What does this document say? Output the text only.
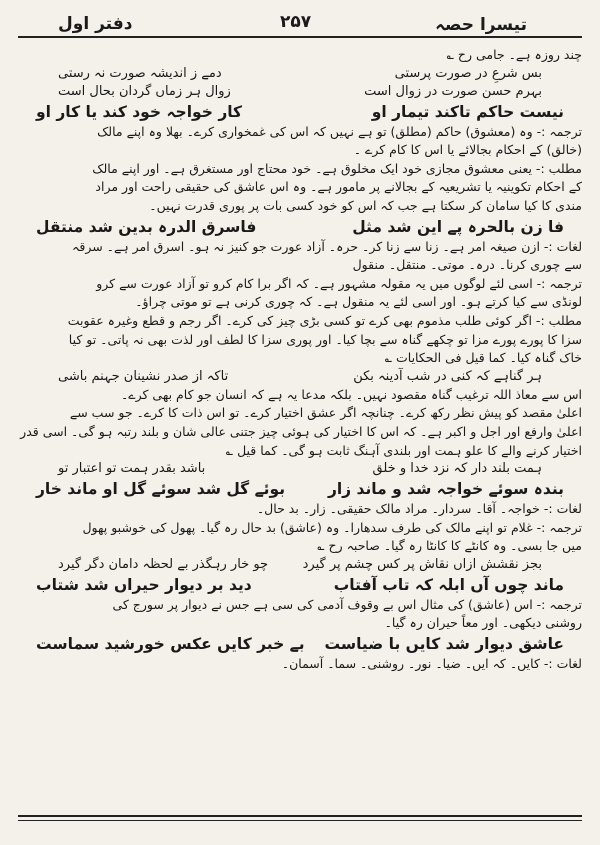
دفتر اول	۲۵۷	تیسرا حصہ
چند روزہ ہے۔ جامی رح ؎
بس شرعِ در صورت پرستی
دمے ز اندیشہ صورت نہ رستی
بہرم حسن صورت در زوال است
زوال ہر زماں گردان بحال است
نیست حاکم تاکند تیمار او
کار خواجہ خود کند یا کار او
ترجمہ :- وہ (معشوق) حاکم (مطلق) تو ہے نہیں کہ اس کی غمخواری کرے۔ بھلا وہ اپنے مالک
(خالق) کے احکام بجالائے یا اس کا کام کرے ۔
مطلب :- یعنی معشوق مجازی خود ایک مخلوق ہے۔ خود محتاج اور مستغرق ہے۔ اور اپنے مالک
کے احکام تکوینیہ یا تشریعیہ کے بجالانے پر مامور ہے۔ وہ اس عاشق کی حقیقی راحت اور مراد
مندی کا کیا سامان کر سکتا ہے جب کہ اس کو خود کسی بات پر پوری قدرت نہیں۔
فا زن بالحرہ پے این شد مثل
فاسرق الدرہ بدین شد منتقل
لغات :- ازن صیغہ امر ہے۔ زنا سے زنا کر۔ حرہ۔ آزاد عورت جو کنیز نہ ہو۔ اسرق امر ہے۔ سرقہ
سے چوری کرنا۔ درہ۔ موتی۔ منتقل۔ منقول
ترجمہ :- اسی لئے لوگوں میں یہ مقولہ مشہور ہے۔ کہ اگر برا کام کرو تو آزاد عورت سے کرو
لونڈی سے کیا کرتے ہو۔ اور اسی لئے یہ منقول ہے۔ کہ چوری کرنی ہے تو موتی چراؤ۔
مطلب :- اگر کوئی طلب مذموم بھی کرے تو کسی بڑی چیز کی کرے۔ اگر رجم و قطع وغیرہ عقوبت
سزا کا پورے پورے مزا تو چکھے گناہ سے بچا کیا۔ اور پوری سزا کا لطف اور لذت بھی نہ پاتی۔ تو کیا
خاک گناہ کیا۔ کما قیل فی الحکایات ؎
ہر گناہے کہ کنی در شب آدینہ بکن
تاکہ از صدر نشینان جہنم باشی
اس سے معاذ اللہ ترغیب گناہ مقصود نہیں۔ بلکہ مدعا یہ ہے کہ انسان جو کام بھی کرے۔
اعلیٰ مقصد کو پیش نظر رکھ کرے۔ چنانچہ اگر عشق اختیار کرے۔ تو اس ذات کا کرے۔ جو سب سے
اعلیٰ وارفع اور اجل و اکبر ہے۔ کہ اس کا اختیار کی ہوئی چیز جتنی عالی شان و بلند رتبہ ہو گی۔ اسی قدر
اختیار کرنے والے کا علو ہمت اور بلندی آہنگ ثابت ہو گی۔ کما قیل ؎
ہمت بلند دار کہ نزد خدا و خلق
باشد بقدر ہمت تو اعتبار تو
بندہ سوئے خواجہ شد و ماند زار
بوئے گل شد سوئے گل او ماند خار
لغات :- خواجہ۔ آقا۔ سردار۔ مراد مالک حقیقی۔ زار۔ بد حال۔
ترجمہ :- غلام تو اپنے مالک کی طرف سدھارا۔ وہ (عاشق) بد حال رہ گیا۔ پھول کی خوشبو پھول
میں جا بسی۔ وہ کانٹے کا کانٹا رہ گیا۔ صاحبہ رح ؎
بجز نقشش ازاں نقاش پر کس چشم پر گیرد
چو خار رہگذر بے لحظہ دامان دگر گیرد
ماند چوں آں ابلہ کہ تاب آفتاب
دید بر دیوار حیراں شد شتاب
ترجمہ :- اس (عاشق) کی مثال اس بے وقوف آدمی کی سی ہے جس نے دیوار پر سورج کی
روشنی دیکھی۔ اور معاً حیران رہ گیا۔
عاشق دیوار شد کایں با ضیاست
بے خبر کایں عکس خورشید سماست
لغات :- کایں۔ کہ ایں۔ ضیا۔ نور۔ روشنی۔ سما۔ آسمان۔
